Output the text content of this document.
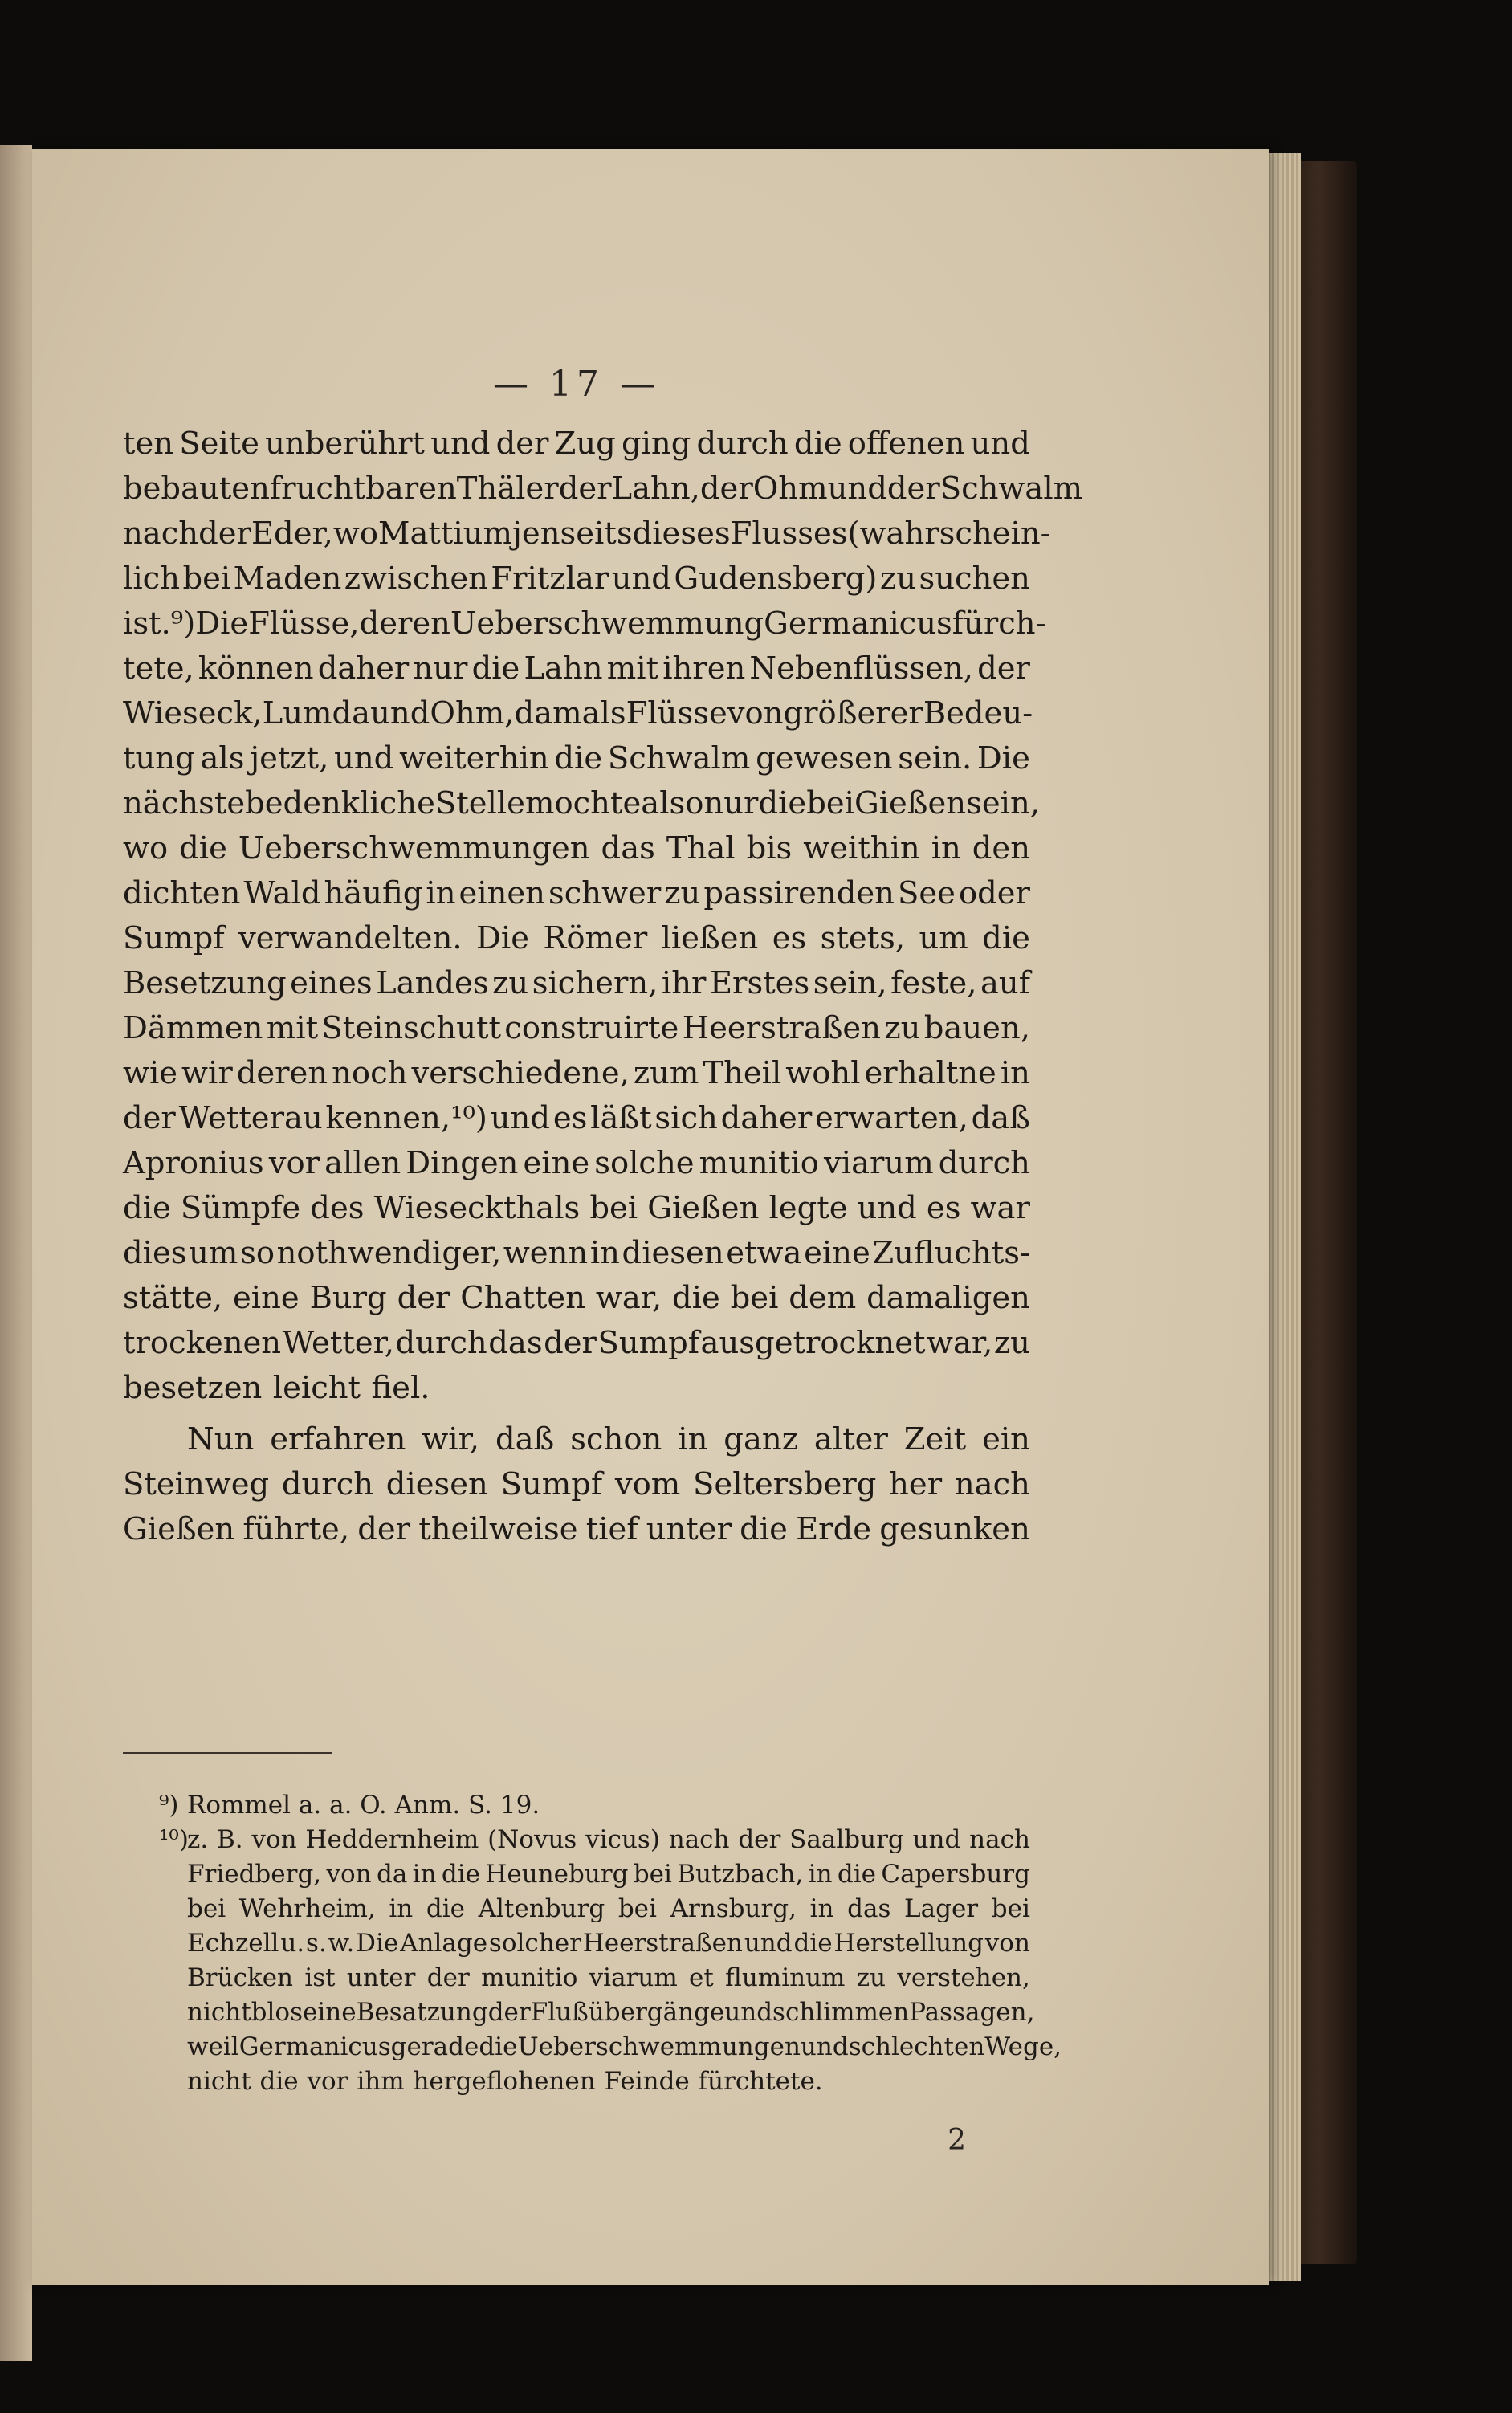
— 17 —
ten Seite unberührt und der Zug ging durch die offenen und
bebauten fruchtbaren Thäler der Lahn, der Ohm und der Schwalm
nach der Eder, wo Mattium jenseits dieses Flusses (wahrschein-
lich bei Maden zwischen Fritzlar und Gudensberg) zu suchen
ist.⁹) Die Flüsse, deren Ueberschwemmung Germanicus fürch-
tete, können daher nur die Lahn mit ihren Nebenflüssen, der
Wieseck, Lumda und Ohm, damals Flüsse von größerer Bedeu-
tung als jetzt, und weiterhin die Schwalm gewesen sein. Die
nächste bedenkliche Stelle mochte also nur die bei Gießen sein,
wo die Ueberschwemmungen das Thal bis weithin in den
dichten Wald häufig in einen schwer zu passirenden See oder
Sumpf verwandelten. Die Römer ließen es stets, um die
Besetzung eines Landes zu sichern, ihr Erstes sein, feste, auf
Dämmen mit Steinschutt construirte Heerstraßen zu bauen,
wie wir deren noch verschiedene, zum Theil wohl erhaltne in
der Wetterau kennen,¹⁰) und es läßt sich daher erwarten, daß
Apronius vor allen Dingen eine solche munitio viarum durch
die Sümpfe des Wieseckthals bei Gießen legte und es war
dies um so nothwendiger, wenn in diesen etwa eine Zufluchts-
stätte, eine Burg der Chatten war, die bei dem damaligen
trockenen Wetter, durch das der Sumpf ausgetrocknet war, zu
besetzen leicht fiel.
Nun erfahren wir, daß schon in ganz alter Zeit ein
Steinweg durch diesen Sumpf vom Seltersberg her nach
Gießen führte, der theilweise tief unter die Erde gesunken
⁹) Rommel a. a. O. Anm. S. 19.
¹⁰)
z. B. von Heddernheim (Novus vicus) nach der Saalburg und nach
Friedberg, von da in die Heuneburg bei Butzbach, in die Capersburg
bei Wehrheim, in die Altenburg bei Arnsburg, in das Lager bei
Echzell u. s. w. Die Anlage solcher Heerstraßen und die Herstellung von
Brücken ist unter der munitio viarum et fluminum zu verstehen,
nicht blos eine Besatzung der Flußübergänge und schlimmen Passagen,
weil Germanicus gerade die Ueberschwemmungen und schlechten Wege,
nicht die vor ihm hergeflohenen Feinde fürchtete.
2
